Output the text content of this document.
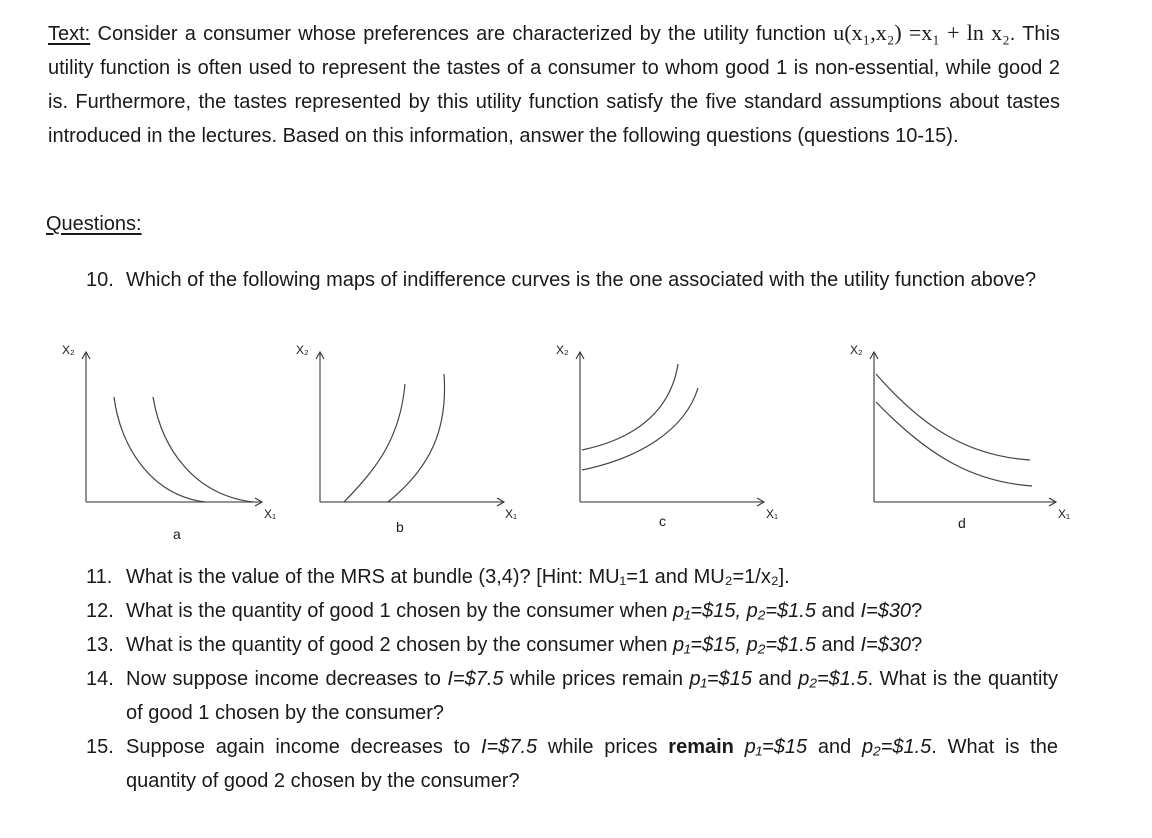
Text: Consider a consumer whose preferences are characterized by the utility function u(x₁,x₂) =x₁ + ln x₂. This utility function is often used to represent the tastes of a consumer to whom good 1 is non-essential, while good 2 is. Furthermore, the tastes represented by this utility function satisfy the five standard assumptions about tastes introduced in the lectures. Based on this information, answer the following questions (questions 10-15).
Questions:
10. Which of the following maps of indifference curves is the one associated with the utility function above?
X₂
X₁
a
X₂
X₁
b
X₂
X₁
c
X₂
X₁
d
11. What is the value of the MRS at bundle (3,4)? [Hint: MU₁=1 and MU₂=1/x₂].
12. What is the quantity of good 1 chosen by the consumer when p₁=$15, p₂=$1.5 and I=$30?
13. What is the quantity of good 2 chosen by the consumer when p₁=$15, p₂=$1.5 and I=$30?
14. Now suppose income decreases to I=$7.5 while prices remain p₁=$15 and p₂=$1.5. What is the quantity of good 1 chosen by the consumer?
15. Suppose again income decreases to I=$7.5 while prices remain p₁=$15 and p₂=$1.5. What is the quantity of good 2 chosen by the consumer?
